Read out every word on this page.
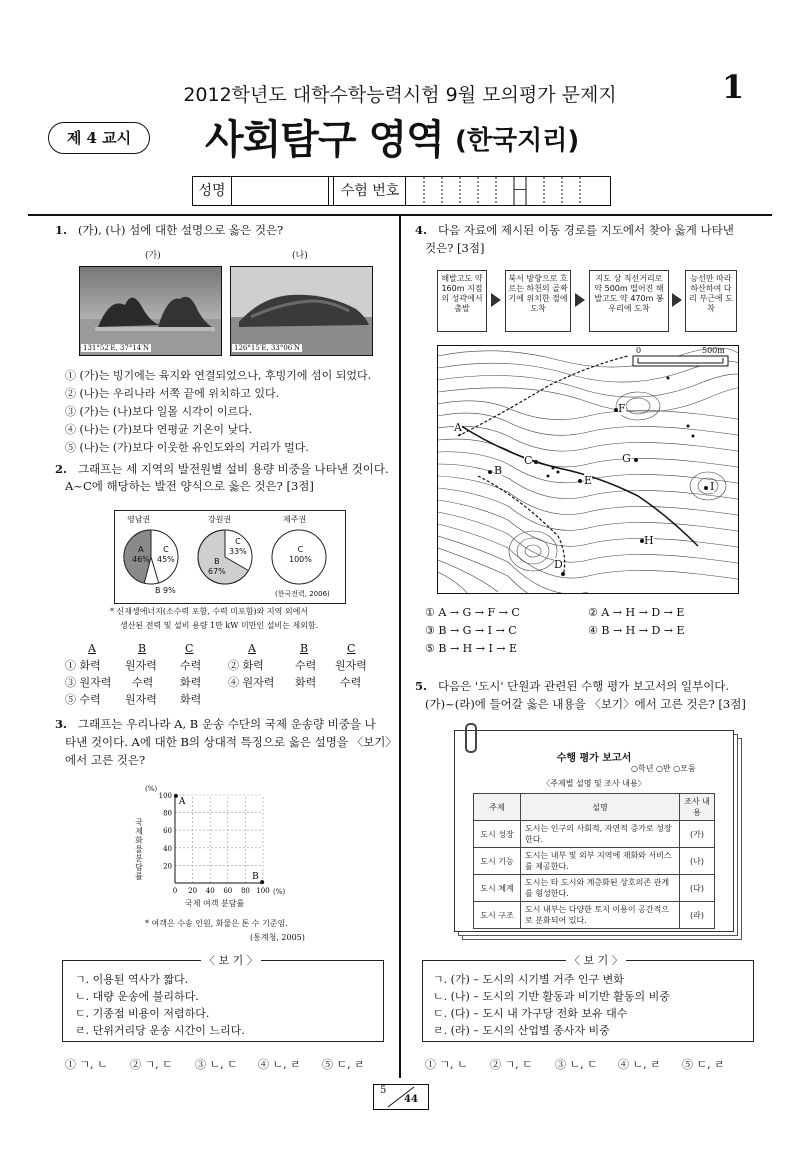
2012학년도 대학수학능력시험 9월 모의평가 문제지	1
제 4 교시	사회탐구 영역 (한국지리)
성명	수험 번호	—
1. (가), (나) 섬에 대한 설명으로 옳은 것은?
(가)	(나)
131°52′E, 37°14′N	126°15′E, 33°06′N
① (가)는 빙기에는 육지와 연결되었으나, 후빙기에 섬이 되었다.
② (나)는 우리나라 서쪽 끝에 위치하고 있다.
③ (가)는 (나)보다 일몰 시각이 이르다.
④ (나)는 (가)보다 연평균 기온이 낮다.
⑤ (나)는 (가)보다 이웃한 유인도와의 거리가 멀다.
2. 그래프는 세 지역의 발전원별 설비 용량 비중을 나타낸 것이다.
A~C에 해당하는 발전 양식으로 옳은 것은? [3점]
영남권	강원권	제주권
A
46%
C
45%
B 9%
C
33%
B
67%
C
100%
(한국전력, 2006)
* 신재생에너지(소수력 포함, 수력 미포함)와 지역 외에서
생산된 전력 및 설비 용량 1만 kW 미만인 설비는 제외함.
A	B	C	A	B	C
① 화력 원자력 수력 ② 화력	수력 원자력
③ 원자력 수력 화력 ④ 원자력 화력 수력
⑤ 수력 원자력 화력
3. 그래프는 우리나라 A, B 운송 수단의 국제 운송량 비중을 나
타낸 것이다. A에 대한 B의 상대적 특징으로 옳은 설명을 〈보기〉
에서 고른 것은?
(%)
국제 화물 분담률
0 20 40 60 80 100
20
40
60
80
100
A
B
국제 여객 분담률
(%)
* 여객은 수송 인원, 화물은 톤 수 기준임.
(통계청, 2005)
〈 보 기 〉
ㄱ. 이용된 역사가 짧다.
ㄴ. 대량 운송에 불리하다.
ㄷ. 기종점 비용이 저렴하다.
ㄹ. 단위거리당 운송 시간이 느리다.
① ㄱ, ㄴ ② ㄱ, ㄷ ③ ㄴ, ㄷ ④ ㄴ, ㄹ ⑤ ㄷ, ㄹ
4. 다음 자료에 제시된 이동 경로를 지도에서 찾아 옳게 나타낸
것은? [3점]
해발고도 약 160m 지점의 성곽에서 출발
북서 방향으로 흐르는 하천의 골짜기에 위치한 절에 도착
지도 상 직선거리로 약 500m 떨어진 해발고도 약 470m 봉우리에 도착
능선만 따라 하산하여 다리 부근에 도착
0	500m
A
B
C
D
E
F
G
H
I
① A → G → F → C	② A → H → D → E
③ B → G → I → C	④ B → H → D → E
⑤ B → H → I → E
5. 다음은 '도시' 단원과 관련된 수행 평가 보고서의 일부이다.
(가)~(라)에 들어갈 옳은 내용을 〈보기〉에서 고른 것은? [3점]
수행 평가 보고서
○학년 ○반 ○모둠
〈주제별 설명 및 조사 내용〉
주제	설명	조사 내용
도시 성장	도시는 인구의 사회적, 자연적 증가로 성장한다.	(가)
도시 기능	도시는 내부 및 외부 지역에 재화와 서비스를 제공한다.	(나)
도시 체계	도시는 타 도시와 계층화된 상호의존 관계를 형성한다.	(다)
도시 구조	도시 내부는 다양한 토지 이용이 공간적으로 분화되어 있다.	(라)
〈 보 기 〉
ㄱ. (가) – 도시의 시기별 거주 인구 변화
ㄴ. (나) – 도시의 기반 활동과 비기반 활동의 비중
ㄷ. (다) – 도시 내 가구당 전화 보유 대수
ㄹ. (라) – 도시의 산업별 종사자 비중
① ㄱ, ㄴ ② ㄱ, ㄷ ③ ㄴ, ㄷ ④ ㄴ, ㄹ ⑤ ㄷ, ㄹ
5
44
